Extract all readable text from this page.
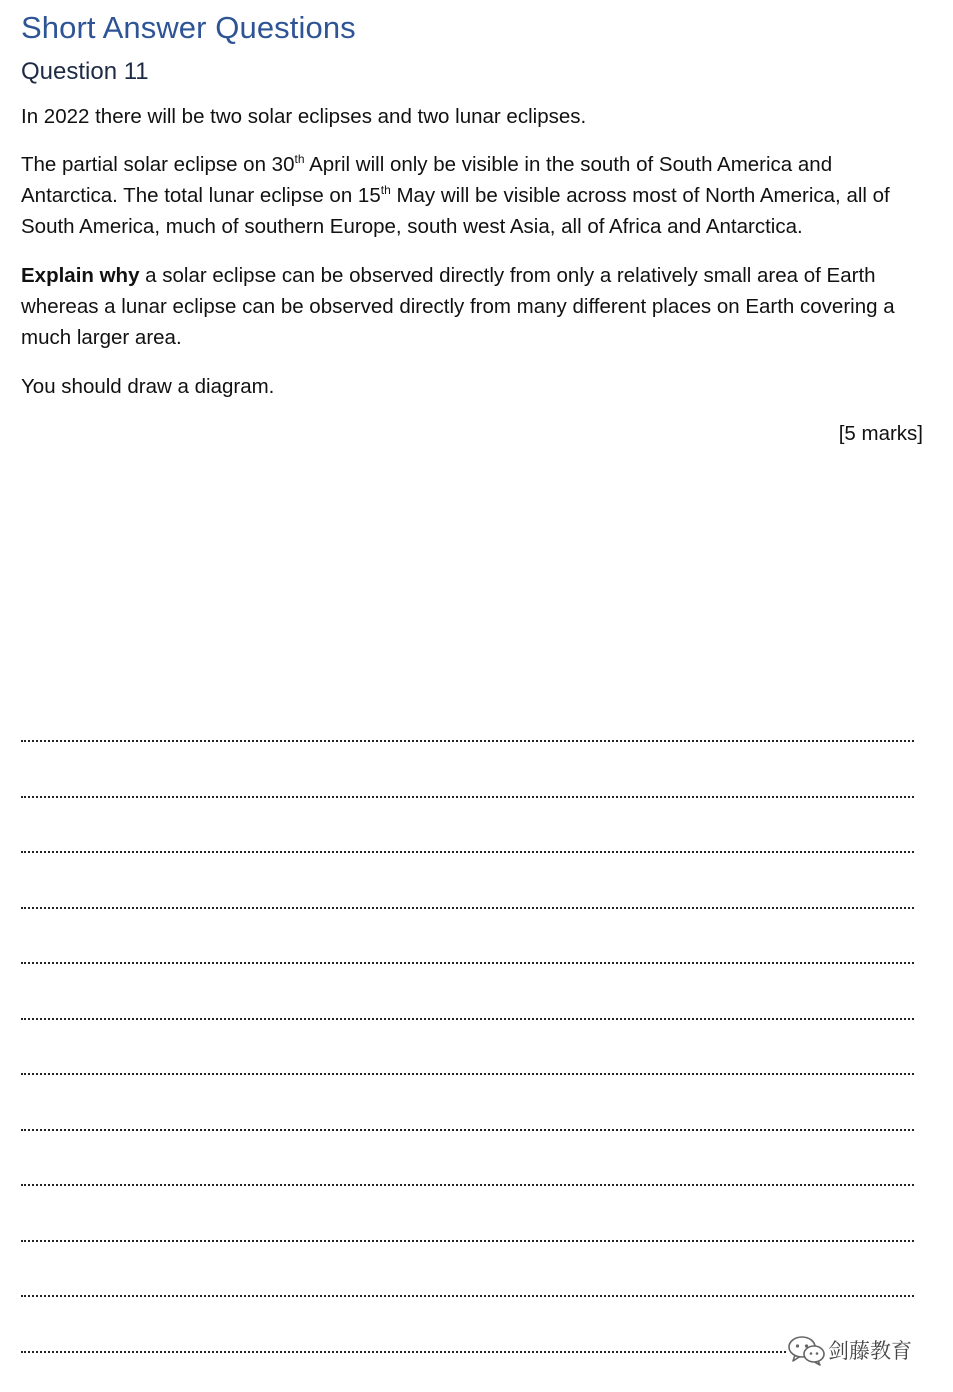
Short Answer Questions
Question 11
In 2022 there will be two solar eclipses and two lunar eclipses.
The partial solar eclipse on 30th April will only be visible in the south of South America and Antarctica. The total lunar eclipse on 15th May will be visible across most of North America, all of South America, much of southern Europe, south west Asia, all of Africa and Antarctica.
Explain why a solar eclipse can be observed directly from only a relatively small area of Earth whereas a lunar eclipse can be observed directly from many different places on Earth covering a much larger area.
You should draw a diagram.
[5 marks]
剑藤教育
